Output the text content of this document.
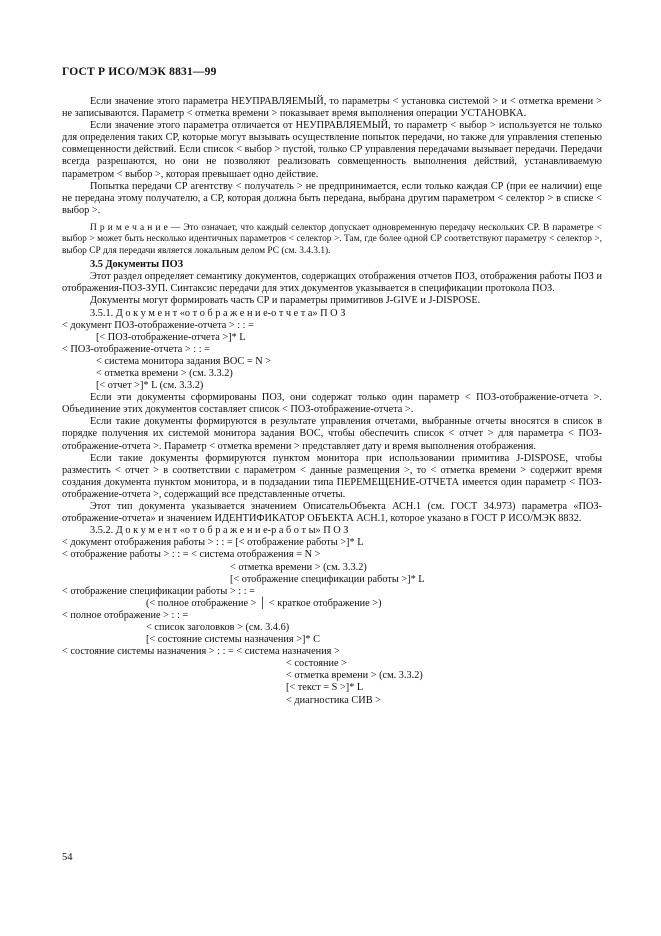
ГОСТ Р ИСО/МЭК 8831—99

Если значение этого параметра НЕУПРАВЛЯЕМЫЙ, то параметры < установка системой > и < отметка времени > не записываются. Параметр < отметка времени > показывает время выполнения операции УСТАНОВКА.

Если значение этого параметра отличается от НЕУПРАВЛЯЕМЫЙ, то параметр < выбор > используется не только для определения таких СР, которые могут вызывать осуществление попыток передачи, но также для управления степенью совмещенности действий. Если список < выбор > пустой, только СР управления передачами вызывает передачи. Передачи всегда разрешаются, но они не позволяют реализовать совмещенность выполнения действий, устанавливаемую параметром < выбор >, которая превышает одно действие.

Попытка передачи СР агентству < получатель > не предпринимается, если только каждая СР (при ее наличии) еще не передана этому получателю, а СР, которая должна быть передана, выбрана другим параметром < селектор > в списке < выбор >.

П р и м е ч а н и е — Это означает, что каждый селектор допускает одновременную передачу нескольких СР. В параметре < выбор > может быть несколько идентичных параметров < селектор >. Там, где более одной СР соответствуют параметру < селектор >, выбор СР для передачи является локальным делом РС (см. 3.4.3.1).

3.5 Документы ПОЗ

Этот раздел определяет семантику документов, содержащих отображения отчетов ПОЗ, отображения работы ПОЗ и отображения-ПОЗ-ЗУП. Синтаксис передачи для этих документов указывается в спецификации протокола ПОЗ.

Документы могут формировать часть СР и параметры примитивов J-GIVE и J-DISPOSE.

3.5.1. Д о к у м е н т «о т о б р а ж е н и е-о т ч е т а» П О З

< документ ПОЗ-отображение-отчета > : : =

[< ПОЗ-отображение-отчета >]* L

< ПОЗ-отображение-отчета > : : =

< система монитора задания ВОС = N >

< отметка времени > (см. 3.3.2)

[< отчет >]* L (см. 3.3.2)

Если эти документы сформированы ПОЗ, они содержат только один параметр < ПОЗ-отображение-отчета >. Объединение этих документов составляет список < ПОЗ-отображение-отчета >.

Если такие документы формируются в результате управления отчетами, выбранные отчеты вносятся в список в порядке получения их системой монитора задания ВОС, чтобы обеспечить список < отчет > для параметра < ПОЗ-отображение-отчета >. Параметр < отметка времени > представляет дату и время выполнения отображения.

Если такие документы формируются пунктом монитора при использовании примитива J-DISPOSE, чтобы разместить < отчет > в соответствии с параметром < данные размещения >, то < отметка времени > содержит время создания документа пунктом монитора, и в подзадании типа ПЕРЕМЕЩЕНИЕ-ОТЧЕТА имеется один параметр < ПОЗ-отображение-отчета >, содержащий все представленные отчеты.

Этот тип документа указывается значением ОписательОбъекта АСН.1 (см. ГОСТ 34.973) параметра «ПОЗ-отображение-отчета» и значением ИДЕНТИФИКАТОР ОБЪЕКТА АСН.1, которое указано в ГОСТ Р ИСО/МЭК 8832.

3.5.2. Д о к у м е н т «о т о б р а ж е н и е-р а б о т ы» П О З

< документ отображения работы > : : = [< отображение работы >]* L

< отображение работы > : : = < система отображения = N >

< отметка времени > (см. 3.3.2)

[< отображение спецификации работы >]* L

< отображение спецификации работы > : : =

(< полное отображение > │ < краткое отображение >)

< полное отображение > : : =

< список заголовков > (см. 3.4.6)

[< состояние системы назначения >]* С

< состояние системы назначения > : : = < система назначения >

< состояние >

< отметка времени > (см. 3.3.2)

[< текст = S >]* L

< диагностика СИВ >

54
